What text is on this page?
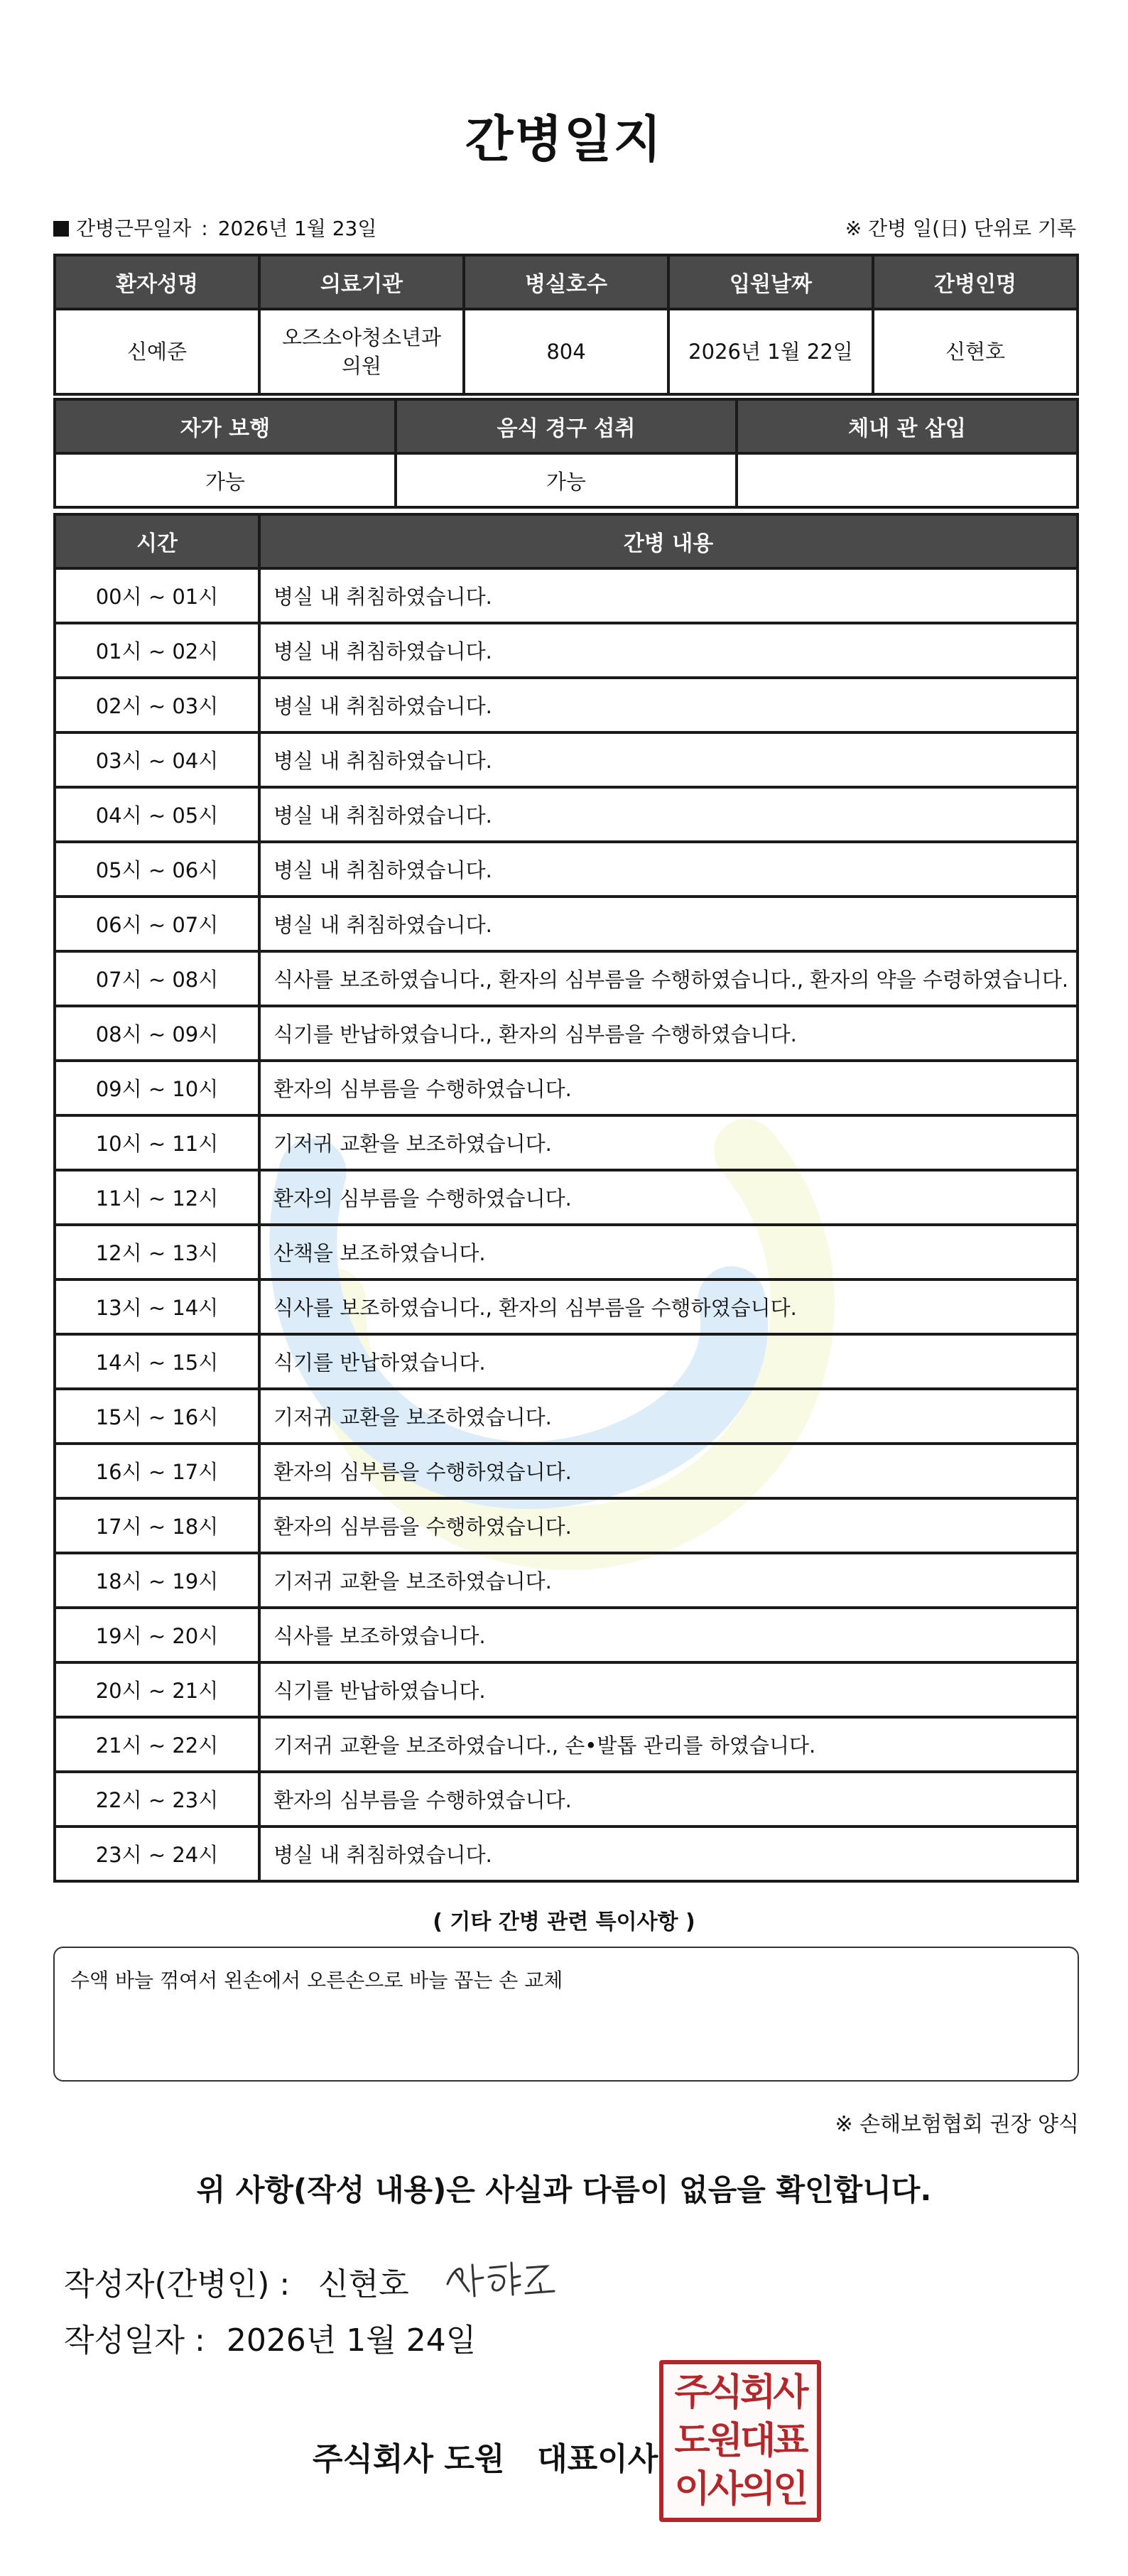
간병일지
간병근무일자 : 2026년 1월 23일	※ 간병 일(日) 단위로 기록
환자성명	의료기관	병실호수	입원날짜	간병인명
신예준	오즈소아청소년과의원	804	2026년 1월 22일	신현호
자가 보행	음식 경구 섭취	체내 관 삽입
가능	가능	
시간	간병 내용
00시 ~ 01시	병실 내 취침하였습니다.
01시 ~ 02시	병실 내 취침하였습니다.
02시 ~ 03시	병실 내 취침하였습니다.
03시 ~ 04시	병실 내 취침하였습니다.
04시 ~ 05시	병실 내 취침하였습니다.
05시 ~ 06시	병실 내 취침하였습니다.
06시 ~ 07시	병실 내 취침하였습니다.
07시 ~ 08시	식사를 보조하였습니다., 환자의 심부름을 수행하였습니다., 환자의 약을 수령하였습니다.
08시 ~ 09시	식기를 반납하였습니다., 환자의 심부름을 수행하였습니다.
09시 ~ 10시	환자의 심부름을 수행하였습니다.
10시 ~ 11시	기저귀 교환을 보조하였습니다.
11시 ~ 12시	환자의 심부름을 수행하였습니다.
12시 ~ 13시	산책을 보조하였습니다.
13시 ~ 14시	식사를 보조하였습니다., 환자의 심부름을 수행하였습니다.
14시 ~ 15시	식기를 반납하였습니다.
15시 ~ 16시	기저귀 교환을 보조하였습니다.
16시 ~ 17시	환자의 심부름을 수행하였습니다.
17시 ~ 18시	환자의 심부름을 수행하였습니다.
18시 ~ 19시	기저귀 교환을 보조하였습니다.
19시 ~ 20시	식사를 보조하였습니다.
20시 ~ 21시	식기를 반납하였습니다.
21시 ~ 22시	기저귀 교환을 보조하였습니다., 손•발톱 관리를 하였습니다.
22시 ~ 23시	환자의 심부름을 수행하였습니다.
23시 ~ 24시	병실 내 취침하였습니다.
( 기타 간병 관련 특이사항 )
수액 바늘 꺾여서 왼손에서 오른손으로 바늘 꼽는 손 교체
※ 손해보험협회 권장 양식
위 사항(작성 내용)은 사실과 다름이 없음을 확인합니다.
작성자(간병인) : 신현호
작성일자 : 2026년 1월 24일
주식회사 도원   대표이사
주식회사
도원대표
이사의인
